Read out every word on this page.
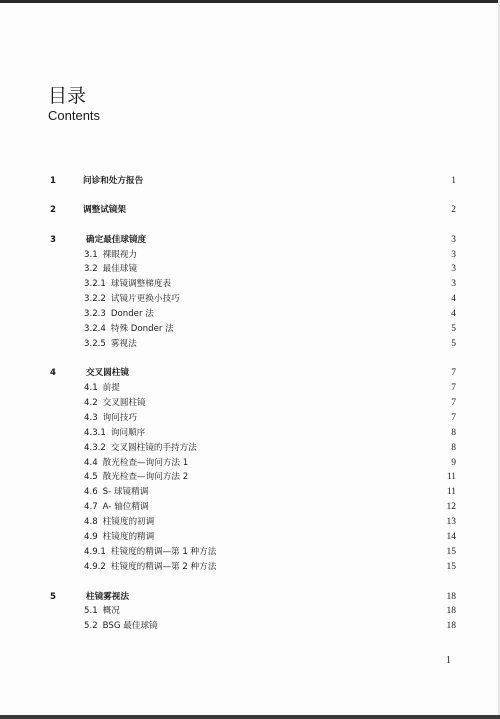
目录
Contents
1	问诊和处方报告	1
2	调整试镜架	2
3	确定最佳球镜度	3
3.1 裸眼视力	3
3.2 最佳球镜	3
3.2.1 球镜调整梯度表	3
3.2.2 试镜片更换小技巧	4
3.2.3 Donder 法	4
3.2.4 特殊 Donder 法	5
3.2.5 雾视法	5
4	交叉圆柱镜	7
4.1 前提	7
4.2 交叉圆柱镜	7
4.3 询问技巧	7
4.3.1 询问顺序	8
4.3.2 交叉圆柱镜的手持方法	8
4.4 散光检查—询问方法 1	9
4.5 散光检查—询问方法 2	11
4.6 S- 球镜精调	11
4.7 A- 轴位精调	12
4.8 柱镜度的初调	13
4.9 柱镜度的精调	14
4.9.1 柱镜度的精调—第 1 种方法	15
4.9.2 柱镜度的精调—第 2 种方法	15
5	柱镜雾视法	18
5.1 概况	18
5.2 BSG 最佳球镜	18
1
